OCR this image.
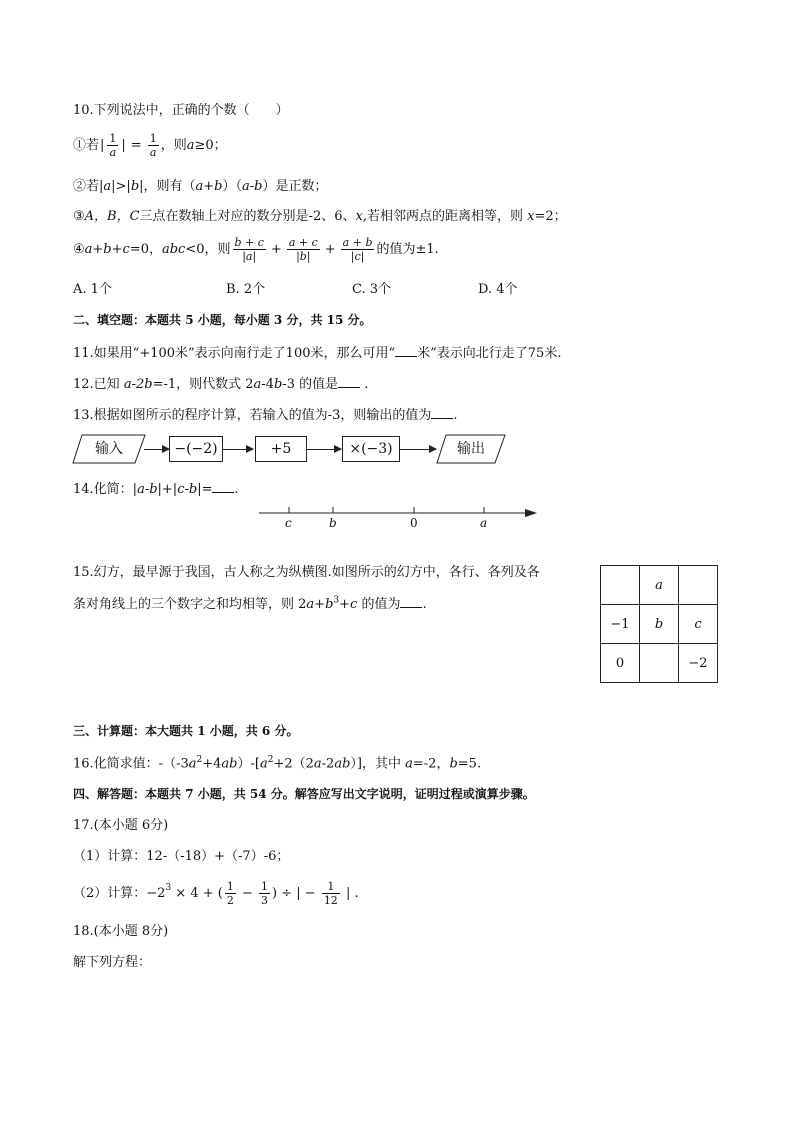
10.下列说法中，正确的个数（　　）
①若 | $\frac{1}{a}$ | = $\frac{1}{a}$ ，则 a ≥0；
②若|a|>|b|，则有（a+b）（a-b）是正数；
③A，B，C三点在数轴上对应的数分别是-2、6、x,若相邻两点的距离相等，则 x=2；
④ a+b+c =0， abc <0，则 $\frac{b + c}{|a|} + \frac{a + c}{|b|} + \frac{a + b}{|c|}$ 的值为±1.
A. 1个	B. 2个	C. 3个	D. 4个
二、填空题：本题共 5 小题，每小题 3 分，共 15 分。
11.如果用“+100米”表示向南行走了100米，那么可用“ 米”表示向北行走了75米.
12.已知 a-2b=-1，则代数式 2a-4b-3 的值是 .
13.根据如图所示的程序计算，若输入的值为-3，则输出的值为 .
输入	−(−2)	+5	×(−3)	输出
14.化简：|a-b|+|c-b|= .
c	b	0	a
15.幻方，最早源于我国，古人称之为纵横图.如图所示的幻方中，各行、各列及各
条对角线上的三个数字之和均相等，则 $2a+b^3+c$ 的值为 .
	a	
−1	b	c
0		−2
三、计算题：本大题共 1 小题，共 6 分。
16.化简求值：$-(-3a^2+4ab)-[a^2+2(2a-2ab)]$，其中 a=-2，b=5.
四、解答题：本题共 7 小题，共 54 分。解答应写出文字说明，证明过程或演算步骤。
17.(本小题 6分)
（1）计算：12-（-18）+（-7）-6；
（2）计算： $-2^3 \times 4$ + ( $\frac{1}{2} - \frac{1}{3}$ ) ÷ | − $\frac{1}{12}$ | .
18.(本小题 8分)
解下列方程：
